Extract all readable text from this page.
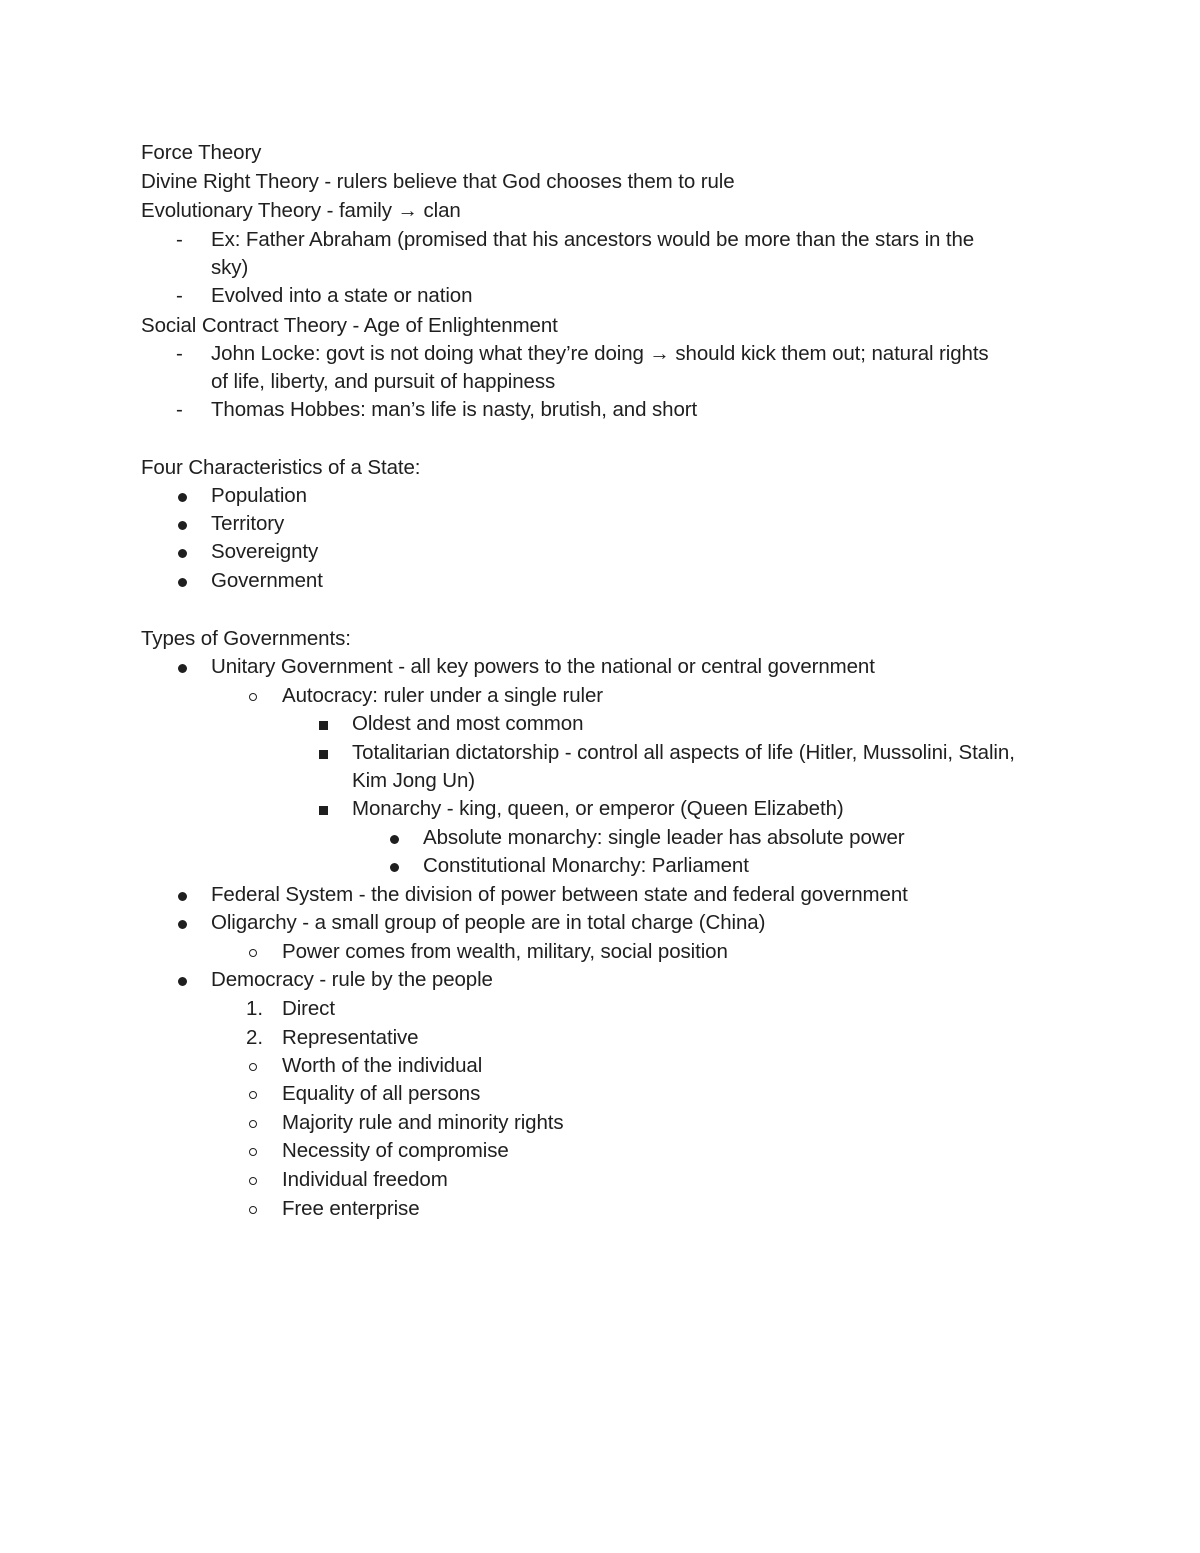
Force Theory
Divine Right Theory - rulers believe that God chooses them to rule
Evolutionary Theory - family → clan
- Ex: Father Abraham (promised that his ancestors would be more than the stars in the
sky)
- Evolved into a state or nation
Social Contract Theory - Age of Enlightenment
- John Locke: govt is not doing what they’re doing → should kick them out; natural rights
of life, liberty, and pursuit of happiness
- Thomas Hobbes: man’s life is nasty, brutish, and short
Four Characteristics of a State:
Population
Territory
Sovereignty
Government
Types of Governments:
Unitary Government - all key powers to the national or central government
Autocracy: ruler under a single ruler
Oldest and most common
Totalitarian dictatorship - control all aspects of life (Hitler, Mussolini, Stalin,
Kim Jong Un)
Monarchy - king, queen, or emperor (Queen Elizabeth)
Absolute monarchy: single leader has absolute power
Constitutional Monarchy: Parliament
Federal System - the division of power between state and federal government
Oligarchy - a small group of people are in total charge (China)
Power comes from wealth, military, social position
Democracy - rule by the people
1. Direct
2. Representative
Worth of the individual
Equality of all persons
Majority rule and minority rights
Necessity of compromise
Individual freedom
Free enterprise
